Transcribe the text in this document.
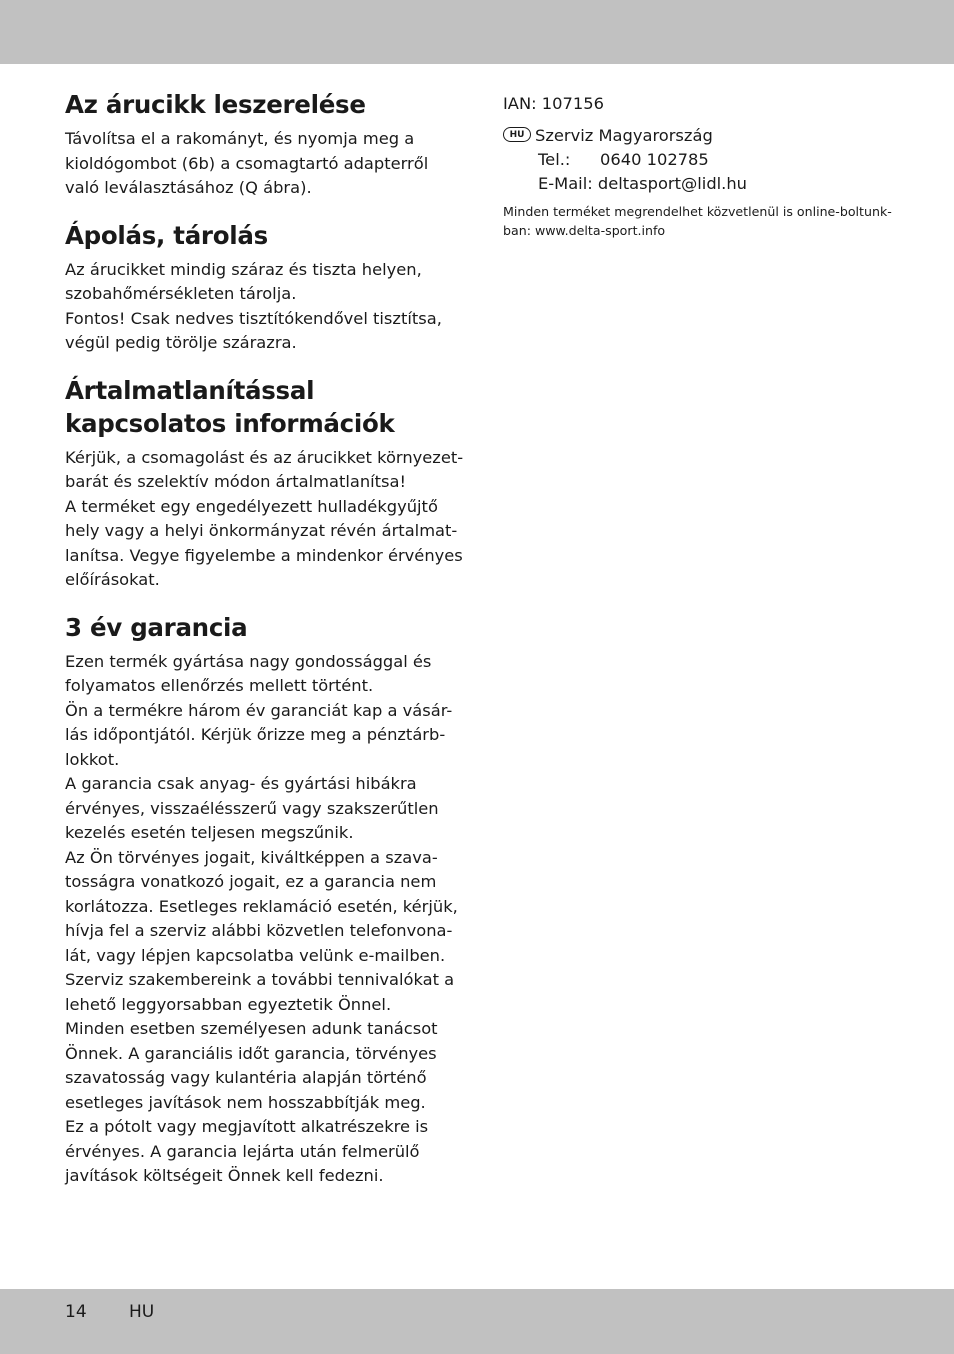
Az árucikk leszerelése

Távolítsa el a rakományt, és nyomja meg a
kioldógombot (6b) a csomagtartó adapterről
való leválasztásához (Q ábra).

Ápolás, tárolás

Az árucikket mindig száraz és tiszta helyen,
szobahőmérsékleten tárolja.
Fontos! Csak nedves tisztítókendővel tisztítsa,
végül pedig törölje szárazra.

Ártalmatlanítással
kapcsolatos információk

Kérjük, a csomagolást és az árucikket környezet-
barát és szelektív módon ártalmatlanítsa!
A terméket egy engedélyezett hulladékgyűjtő
hely vagy a helyi önkormányzat révén ártalmat-
lanítsa. Vegye figyelembe a mindenkor érvényes
előírásokat.

3 év garancia

Ezen termék gyártása nagy gondossággal és
folyamatos ellenőrzés mellett történt.
Ön a termékre három év garanciát kap a vásár-
lás időpontjától. Kérjük őrizze meg a pénztárb-
lokkot.
A garancia csak anyag- és gyártási hibákra
érvényes, visszaélésszerű vagy szakszerűtlen
kezelés esetén teljesen megszűnik.
Az Ön törvényes jogait, kiváltképpen a szava-
tosságra vonatkozó jogait, ez a garancia nem
korlátozza. Esetleges reklamáció esetén, kérjük,
hívja fel a szerviz alábbi közvetlen telefonvona-
lát, vagy lépjen kapcsolatba velünk e-mailben.
Szerviz szakembereink a további tennivalókat a
lehető leggyorsabban egyeztetik Önnel.
Minden esetben személyesen adunk tanácsot
Önnek. A garanciális időt garancia, törvényes
szavatosság vagy kulantéria alapján történő
esetleges javítások nem hosszabbítják meg.
Ez a pótolt vagy megjavított alkatrészekre is
érvényes. A garancia lejárta után felmerülő
javítások költségeit Önnek kell fedezni.

IAN: 107156
HU Szerviz Magyarország
Tel.:	0640 102785
E-Mail: deltasport@lidl.hu
Minden terméket megrendelhet közvetlenül is online-boltunk-
ban: www.delta-sport.info
14 HU
